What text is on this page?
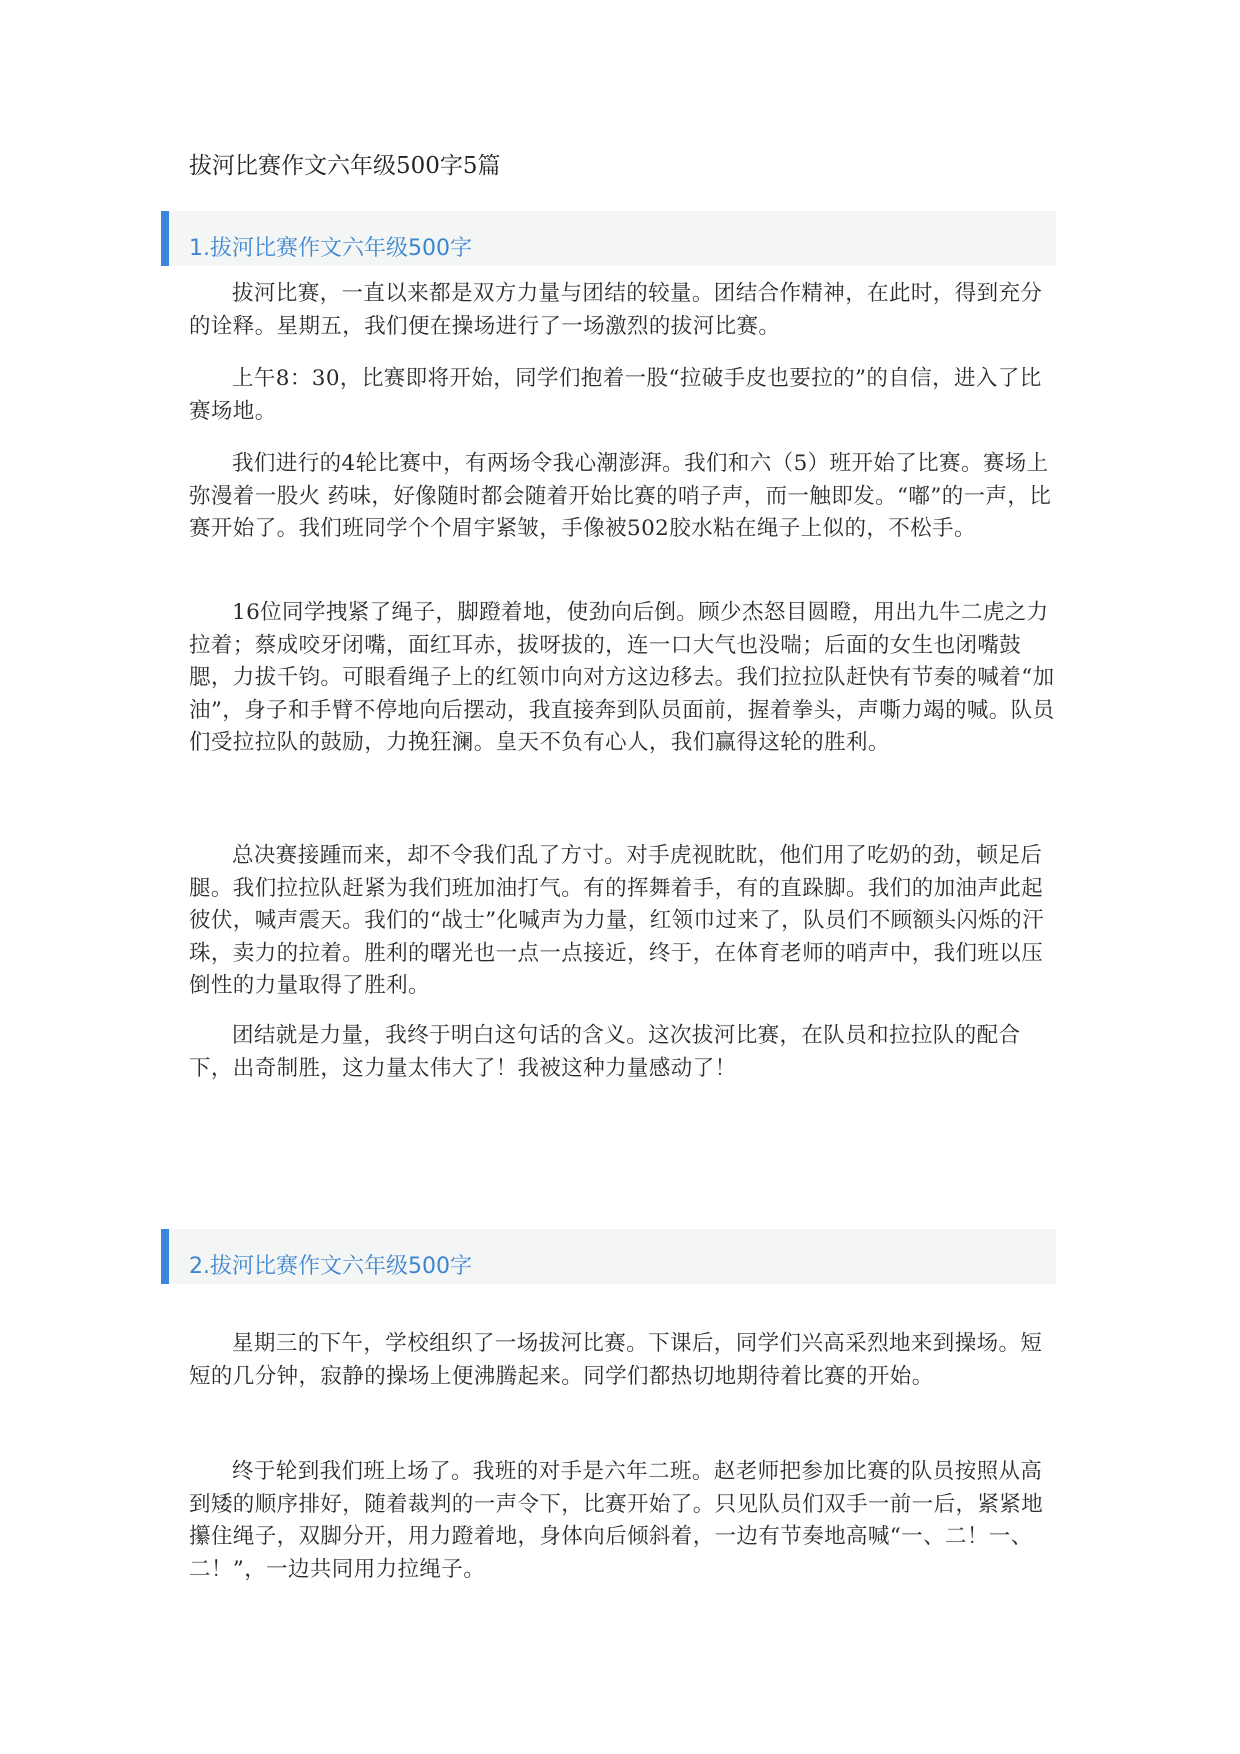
拔河比赛作文六年级500字5篇
1.拔河比赛作文六年级500字

拔河比赛，一直以来都是双方力量与团结的较量。团结合作精神，在此时，得到充分的诠释。星期五，我们便在操场进行了一场激烈的拔河比赛。

上午8：30，比赛即将开始，同学们抱着一股“拉破手皮也要拉的”的自信，进入了比赛场地。

我们进行的4轮比赛中，有两场令我心潮澎湃。我们和六（5）班开始了比赛。赛场上弥漫着一股火 药味，好像随时都会随着开始比赛的哨子声，而一触即发。“嘟”的一声，比赛开始了。我们班同学个个眉宇紧皱，手像被502胶水粘在绳子上似的，不松手。

16位同学拽紧了绳子，脚蹬着地，使劲向后倒。顾少杰怒目圆瞪，用出九牛二虎之力拉着；蔡成咬牙闭嘴，面红耳赤，拔呀拔的，连一口大气也没喘；后面的女生也闭嘴鼓腮，力拔千钧。可眼看绳子上的红领巾向对方这边移去。我们拉拉队赶快有节奏的喊着“加油”，身子和手臂不停地向后摆动，我直接奔到队员面前，握着拳头，声嘶力竭的喊。队员们受拉拉队的鼓励，力挽狂澜。皇天不负有心人，我们赢得这轮的胜利。

总决赛接踵而来，却不令我们乱了方寸。对手虎视眈眈，他们用了吃奶的劲，顿足后腿。我们拉拉队赶紧为我们班加油打气。有的挥舞着手，有的直跺脚。我们的加油声此起彼伏，喊声震天。我们的“战士”化喊声为力量，红领巾过来了，队员们不顾额头闪烁的汗珠，卖力的拉着。胜利的曙光也一点一点接近，终于，在体育老师的哨声中，我们班以压倒性的力量取得了胜利。

团结就是力量，我终于明白这句话的含义。这次拔河比赛，在队员和拉拉队的配合下，出奇制胜，这力量太伟大了！我被这种力量感动了！

2.拔河比赛作文六年级500字

星期三的下午，学校组织了一场拔河比赛。下课后，同学们兴高采烈地来到操场。短短的几分钟，寂静的操场上便沸腾起来。同学们都热切地期待着比赛的开始。

终于轮到我们班上场了。我班的对手是六年二班。赵老师把参加比赛的队员按照从高到矮的顺序排好，随着裁判的一声令下，比赛开始了。只见队员们双手一前一后，紧紧地攥住绳子，双脚分开，用力蹬着地，身体向后倾斜着，一边有节奏地高喊“一、二！一、二！”，一边共同用力拉绳子。
